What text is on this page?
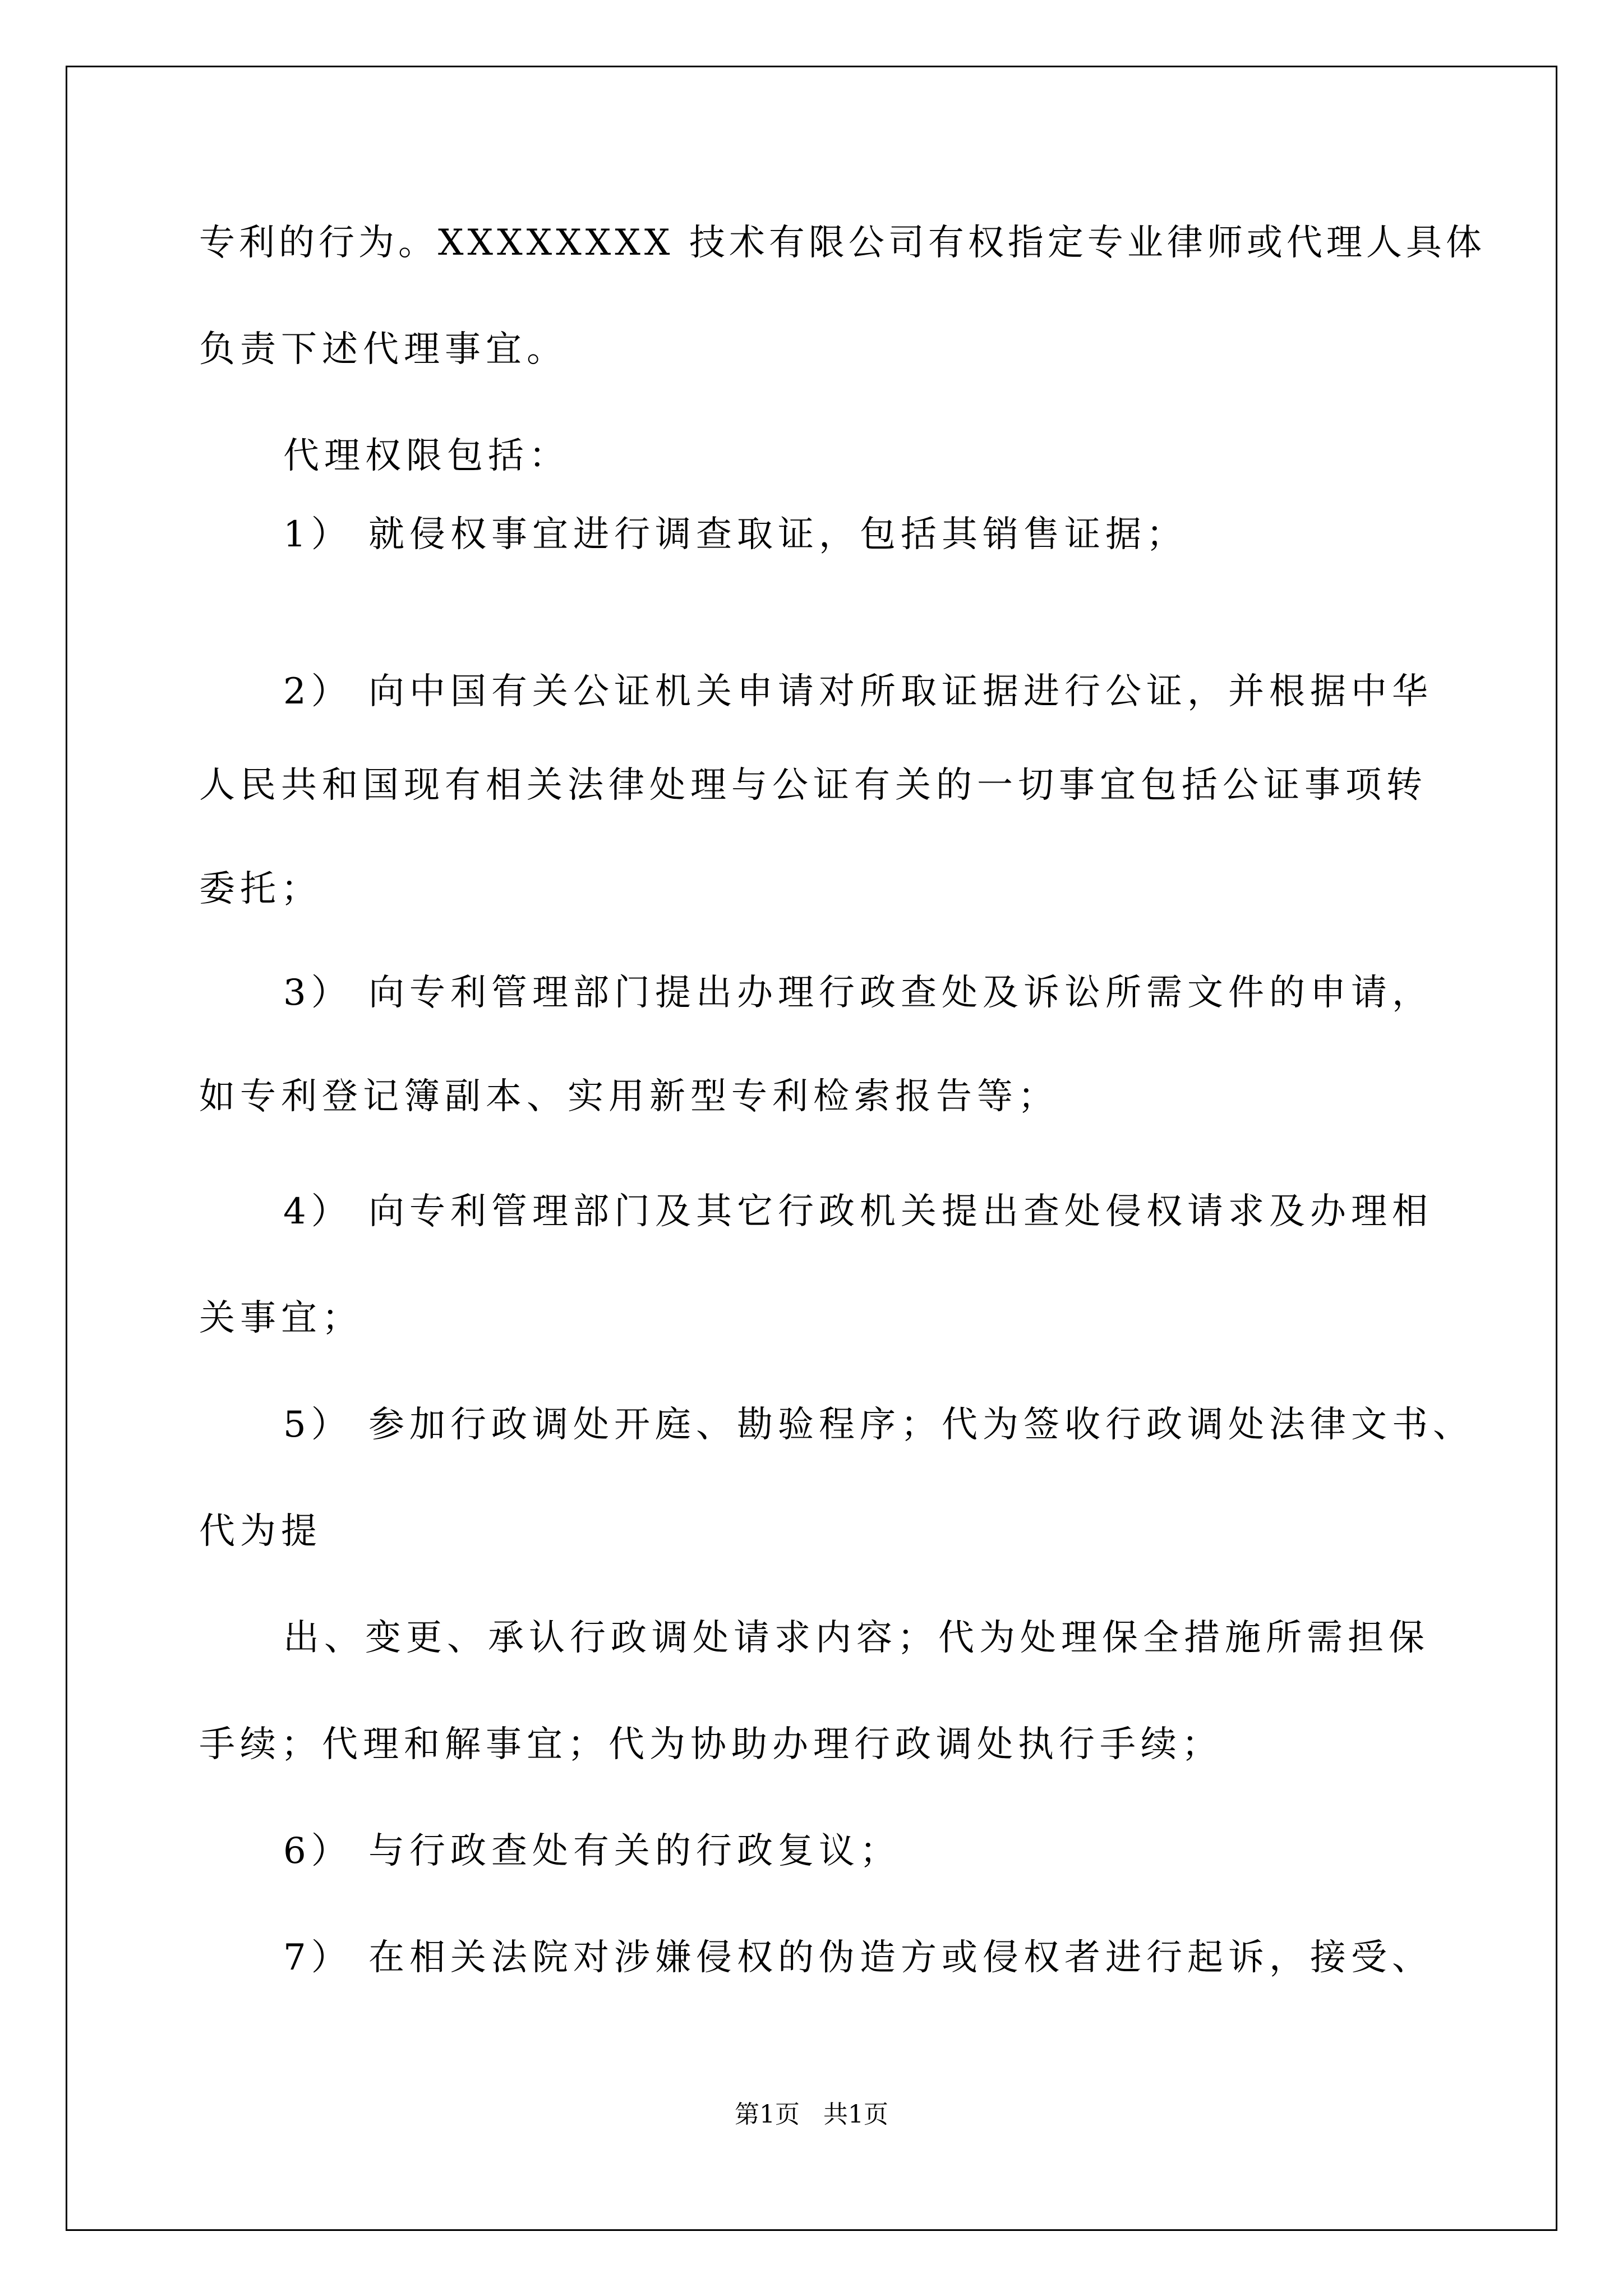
专利的行为。XXXXXXXX 技术有限公司有权指定专业律师或代理人具体
负责下述代理事宜。
代理权限包括：
1） 就侵权事宜进行调查取证，包括其销售证据；
2） 向中国有关公证机关申请对所取证据进行公证，并根据中华
人民共和国现有相关法律处理与公证有关的一切事宜包括公证事项转
委托；
3） 向专利管理部门提出办理行政查处及诉讼所需文件的申请，
如专利登记簿副本、实用新型专利检索报告等；
4） 向专利管理部门及其它行政机关提出查处侵权请求及办理相
关事宜；
5） 参加行政调处开庭、勘验程序；代为签收行政调处法律文书、
代为提
出、变更、承认行政调处请求内容；代为处理保全措施所需担保
手续；代理和解事宜；代为协助办理行政调处执行手续；
6） 与行政查处有关的行政复议；
7） 在相关法院对涉嫌侵权的伪造方或侵权者进行起诉，接受、
第1页   共1页
